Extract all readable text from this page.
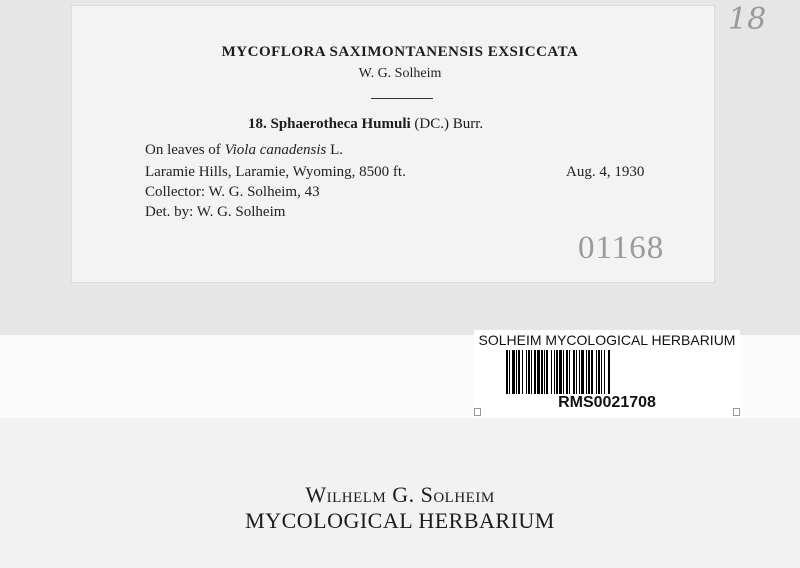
18
MYCOFLORA SAXIMONTANENSIS EXSICCATA
W. G. Solheim
18. Sphaerotheca Humuli (DC.) Burr.
On leaves of Viola canadensis L.
Laramie Hills, Laramie, Wyoming, 8500 ft.	Aug. 4, 1930
Collector: W. G. Solheim, 43
Det. by: W. G. Solheim
01168
SOLHEIM MYCOLOGICAL HERBARIUM
RMS0021708
Wilhelm G. Solheim
MYCOLOGICAL HERBARIUM
